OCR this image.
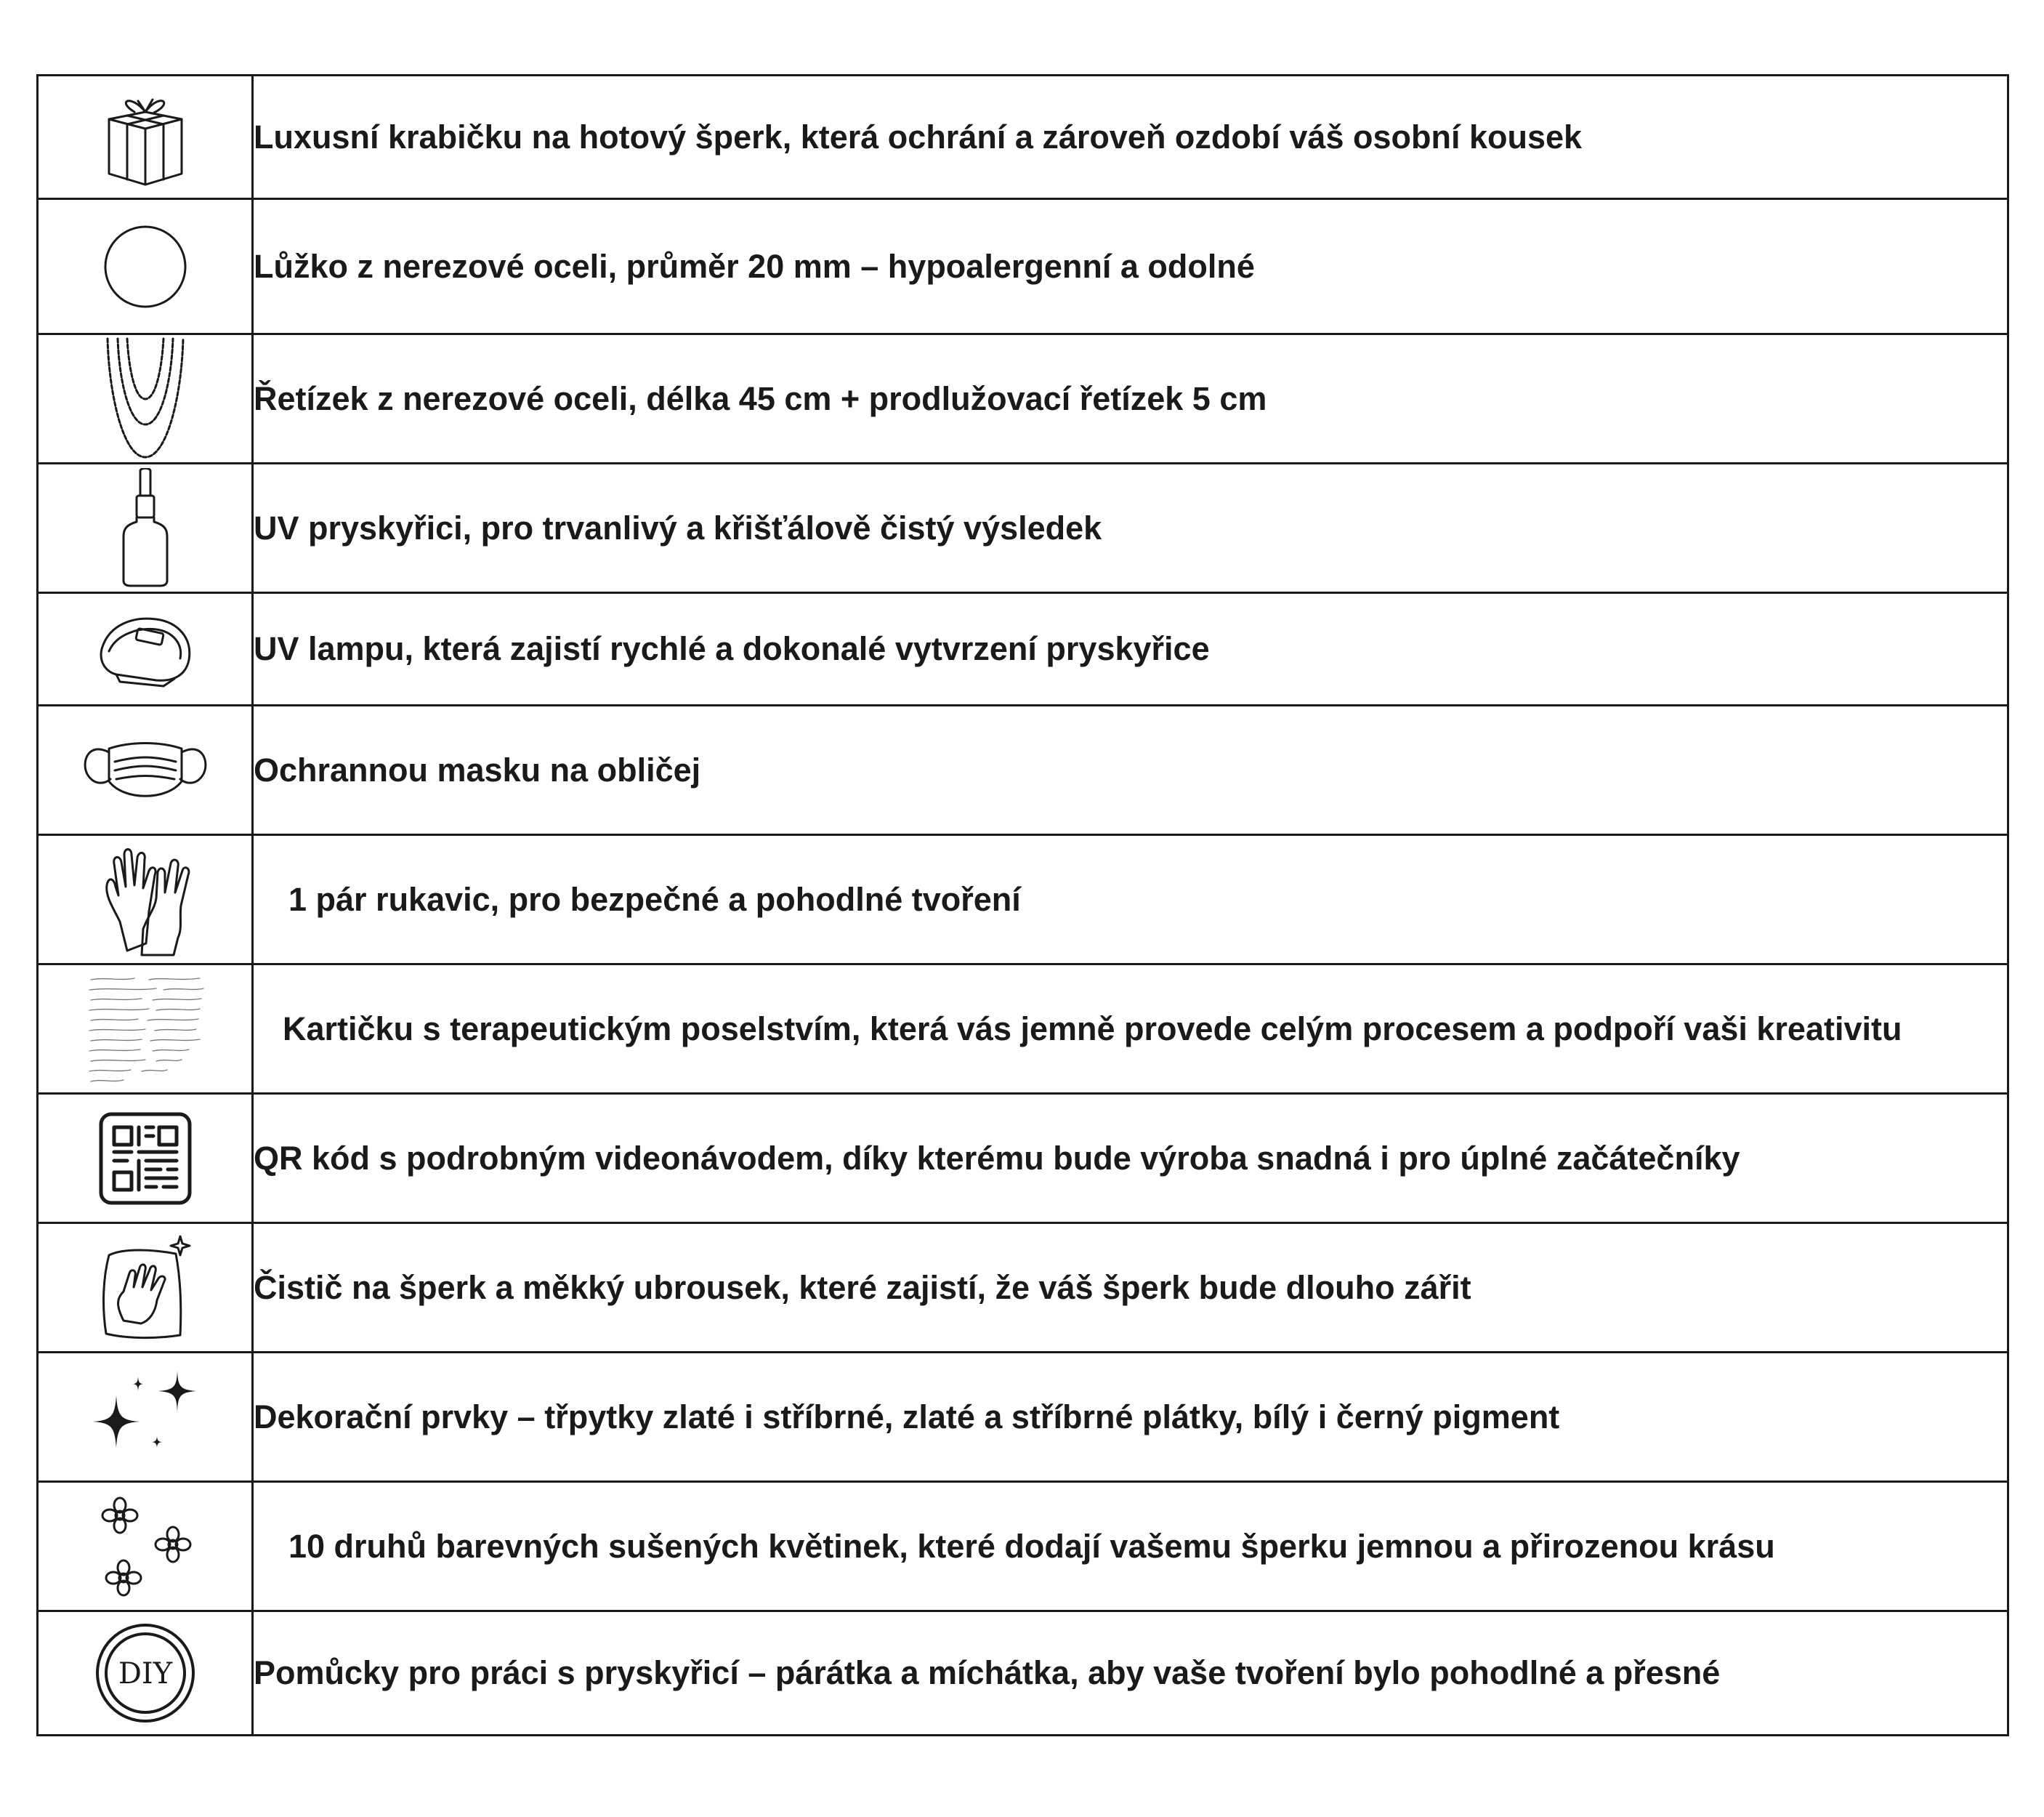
	Luxusní krabičku na hotový šperk, která ochrání a zároveň ozdobí váš osobní kousek

	Lůžko z nerezové oceli, průměr 20 mm – hypoalergenní a odolné

	Řetízek z nerezové oceli, délka 45 cm + prodlužovací řetízek 5 cm

	UV pryskyřici, pro trvanlivý a křišťálově čistý výsledek

	UV lampu, která zajistí rychlé a dokonalé vytvrzení pryskyřice

	Ochrannou masku na obličej

	1 pár rukavic, pro bezpečné a pohodlné tvoření

	Kartičku s terapeutickým poselstvím, která vás jemně provede celým procesem a podpoří vaši kreativitu

	QR kód s podrobným videonávodem, díky kterému bude výroba snadná i pro úplné začátečníky

	Čistič na šperk a měkký ubrousek, které zajistí, že váš šperk bude dlouho zářit

	Dekorační prvky – třpytky zlaté i stříbrné, zlaté a stříbrné plátky, bílý i černý pigment

	10 druhů barevných sušených květinek, které dodají vašemu šperku jemnou a přirozenou krásu

DIY	Pomůcky pro práci s pryskyřicí – párátka a míchátka, aby vaše tvoření bylo pohodlné a přesné
